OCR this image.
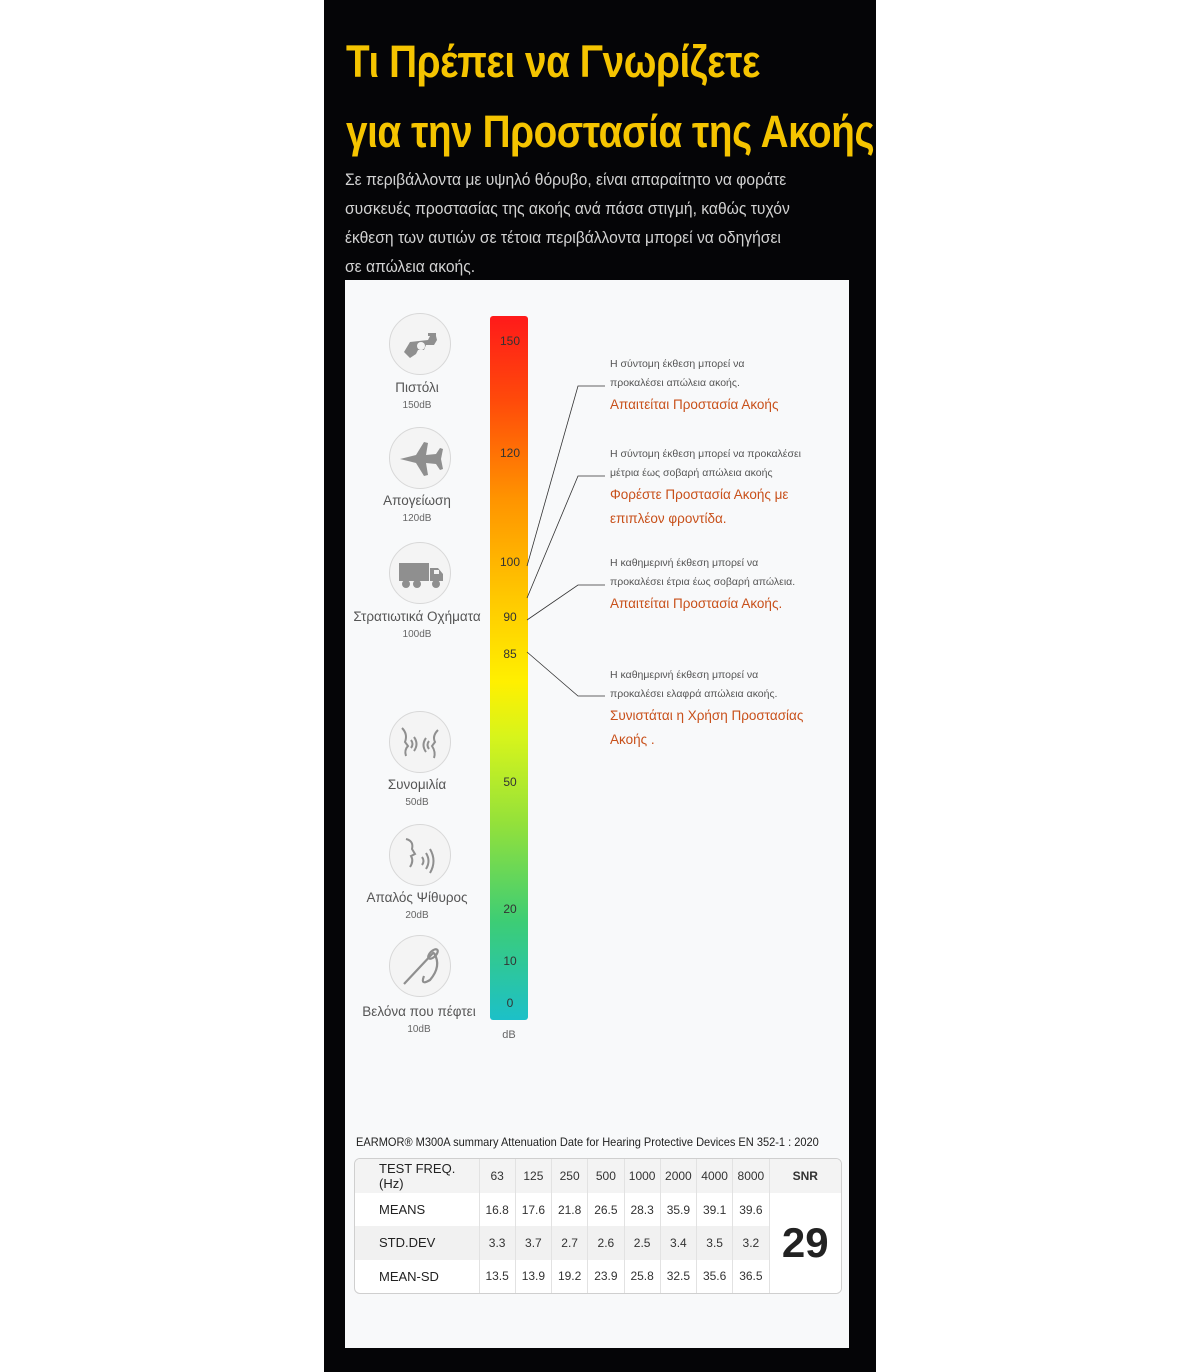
Τι Πρέπει να Γνωρίζετε
για την Προστασία της Ακοής
Σε περιβάλλοντα με υψηλό θόρυβο, είναι απαραίτητο να φοράτε
συσκευές προστασίας της ακοής ανά πάσα στιγμή, καθώς τυχόν
έκθεση των αυτιών σε τέτοια περιβάλλοντα μπορεί να οδηγήσει
σε απώλεια ακοής.
Πιστόλι
150dB
Απογείωση
120dB
Στρατιωτικά Οχήματα
100dB
Συνομιλία
50dB
Απαλός Ψίθυρος
20dB
Βελόνα που πέφτει
10dB
150
120
100
90
85
50
20
10
0
dB
Η σύντομη έκθεση μπορεί να
προκαλέσει απώλεια ακοής.
Απαιτείται Προστασία Ακοής
Η σύντομη έκθεση μπορεί να προκαλέσει
μέτρια έως σοβαρή απώλεια ακοής
Φορέστε Προστασία Ακοής με
επιπλέον φροντίδα.
Η καθημερινή έκθεση μπορεί να
προκαλέσει έτρια έως σοβαρή απώλεια.
Απαιτείται Προστασία Ακοής.
Η καθημερινή έκθεση μπορεί να
προκαλέσει ελαφρά απώλεια ακοής.
Συνιστάται η Χρήση Προστασίας
Ακοής .
EARMOR® M300A summary Attenuation Date for Hearing Protective Devices EN 352-1 : 2020
TEST FREQ.(Hz)	63	125	250	500	1000	2000	4000	8000	SNR
MEANS	16.8	17.6	21.8	26.5	28.3	35.9	39.1	39.6	29
STD.DEV	3.3	3.7	2.7	2.6	2.5	3.4	3.5	3.2	
MEAN-SD	13.5	13.9	19.2	23.9	25.8	32.5	35.6	36.5	
